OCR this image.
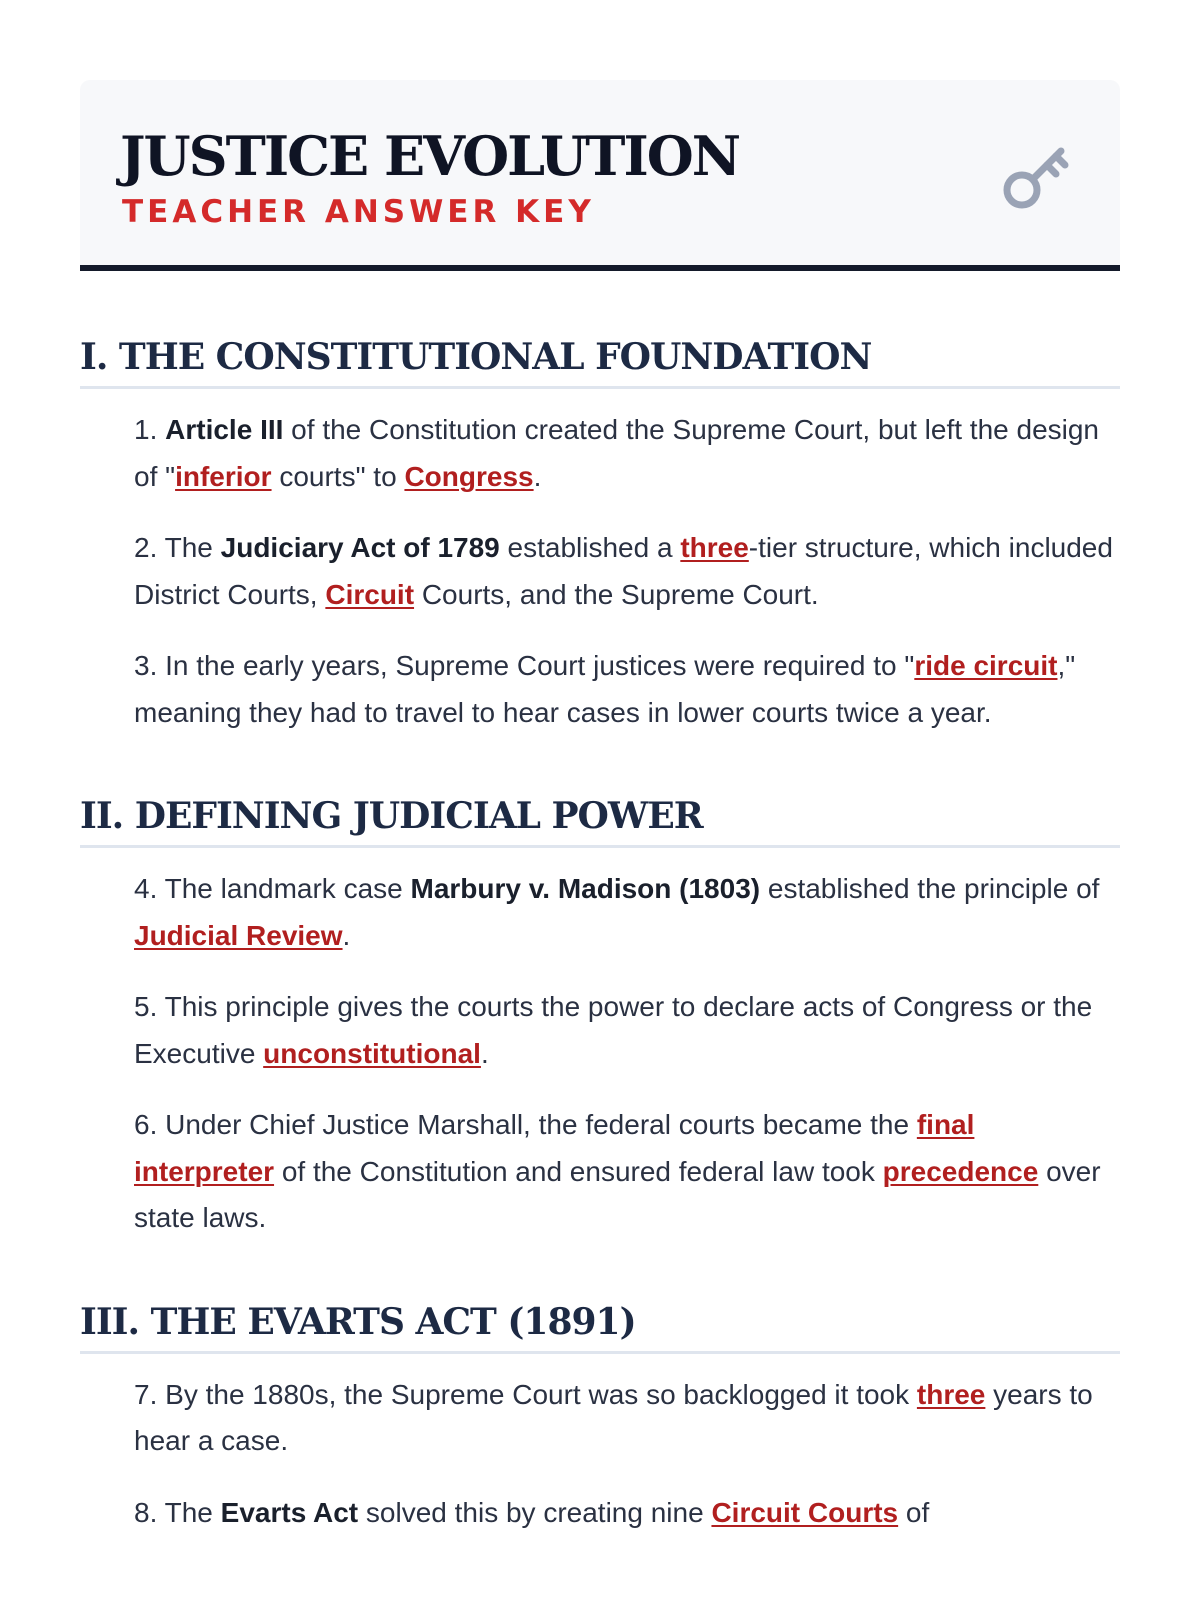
JUSTICE EVOLUTION
TEACHER ANSWER KEY
I. THE CONSTITUTIONAL FOUNDATION

1. Article III of the Constitution created the Supreme Court, but left the design of "inferior courts" to Congress.

2. The Judiciary Act of 1789 established a three-tier structure, which included District Courts, Circuit Courts, and the Supreme Court.

3. In the early years, Supreme Court justices were required to "ride circuit," meaning they had to travel to hear cases in lower courts twice a year.

II. DEFINING JUDICIAL POWER

4. The landmark case Marbury v. Madison (1803) established the principle of Judicial Review.

5. This principle gives the courts the power to declare acts of Congress or the Executive unconstitutional.

6. Under Chief Justice Marshall, the federal courts became the final interpreter of the Constitution and ensured federal law took precedence over state laws.

III. THE EVARTS ACT (1891)

7. By the 1880s, the Supreme Court was so backlogged it took three years to hear a case.

8. The Evarts Act solved this by creating nine Circuit Courts of
